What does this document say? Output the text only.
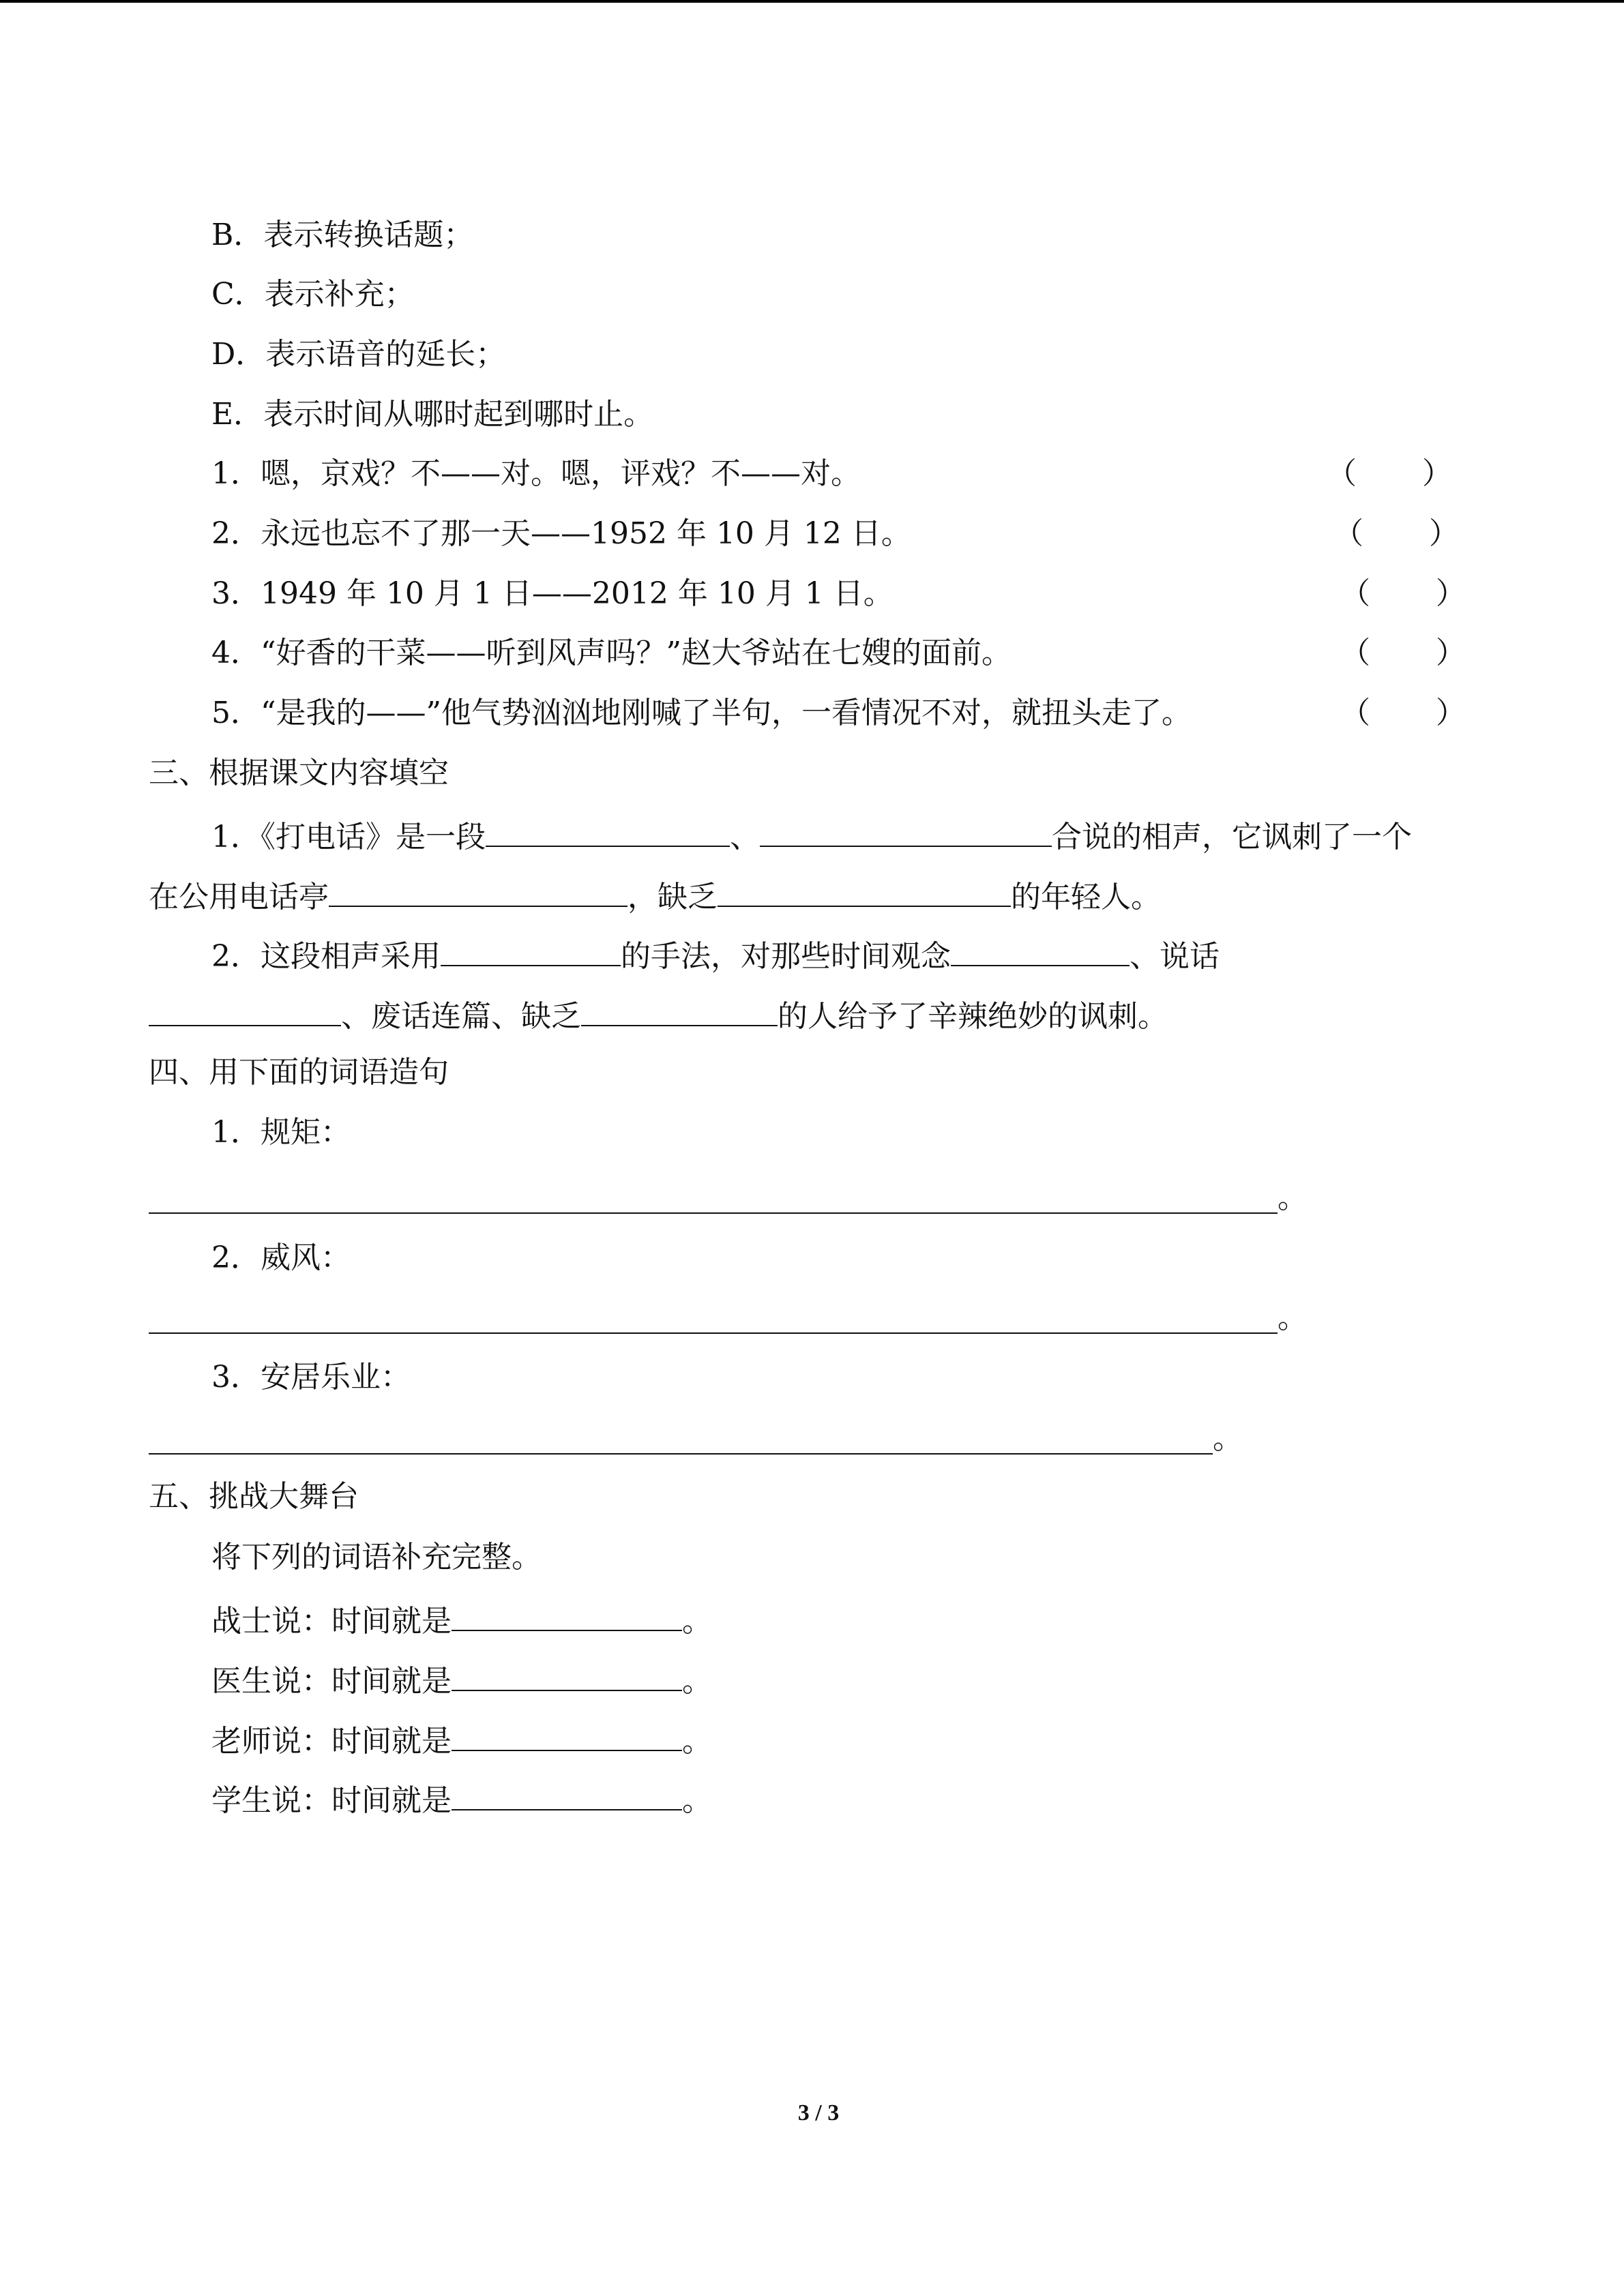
B．表示转换话题；
C．表示补充；
D．表示语音的延长；
E．表示时间从哪时起到哪时止。
1．嗯，京戏？不——对。嗯，评戏？不——对。	（ ）
2．永远也忘不了那一天——1952 年 10 月 12 日。	（ ）
3．1949 年 10 月 1 日——2012 年 10 月 1 日。	（ ）
4．“好香的干菜——听到风声吗？”赵大爷站在七嫂的面前。	（ ）
5．“是我的——”他气势汹汹地刚喊了半句，一看情况不对，就扭头走了。	（ ）
三、根据课文内容填空
1．《打电话》是一段	、	合说的相声，它讽刺了一个
在公用电话亭	，缺乏	的年轻人。
2．这段相声采用	的手法，对那些时间观念	、说话
、废话连篇、缺乏	的人给予了辛辣绝妙的讽刺。
四、用下面的词语造句
1．规矩：
。
2．威风：
。
3．安居乐业：
。
五、挑战大舞台
将下列的词语补充完整。
战士说：时间就是	。
医生说：时间就是	。
老师说：时间就是	。
学生说：时间就是	。
3 / 3
